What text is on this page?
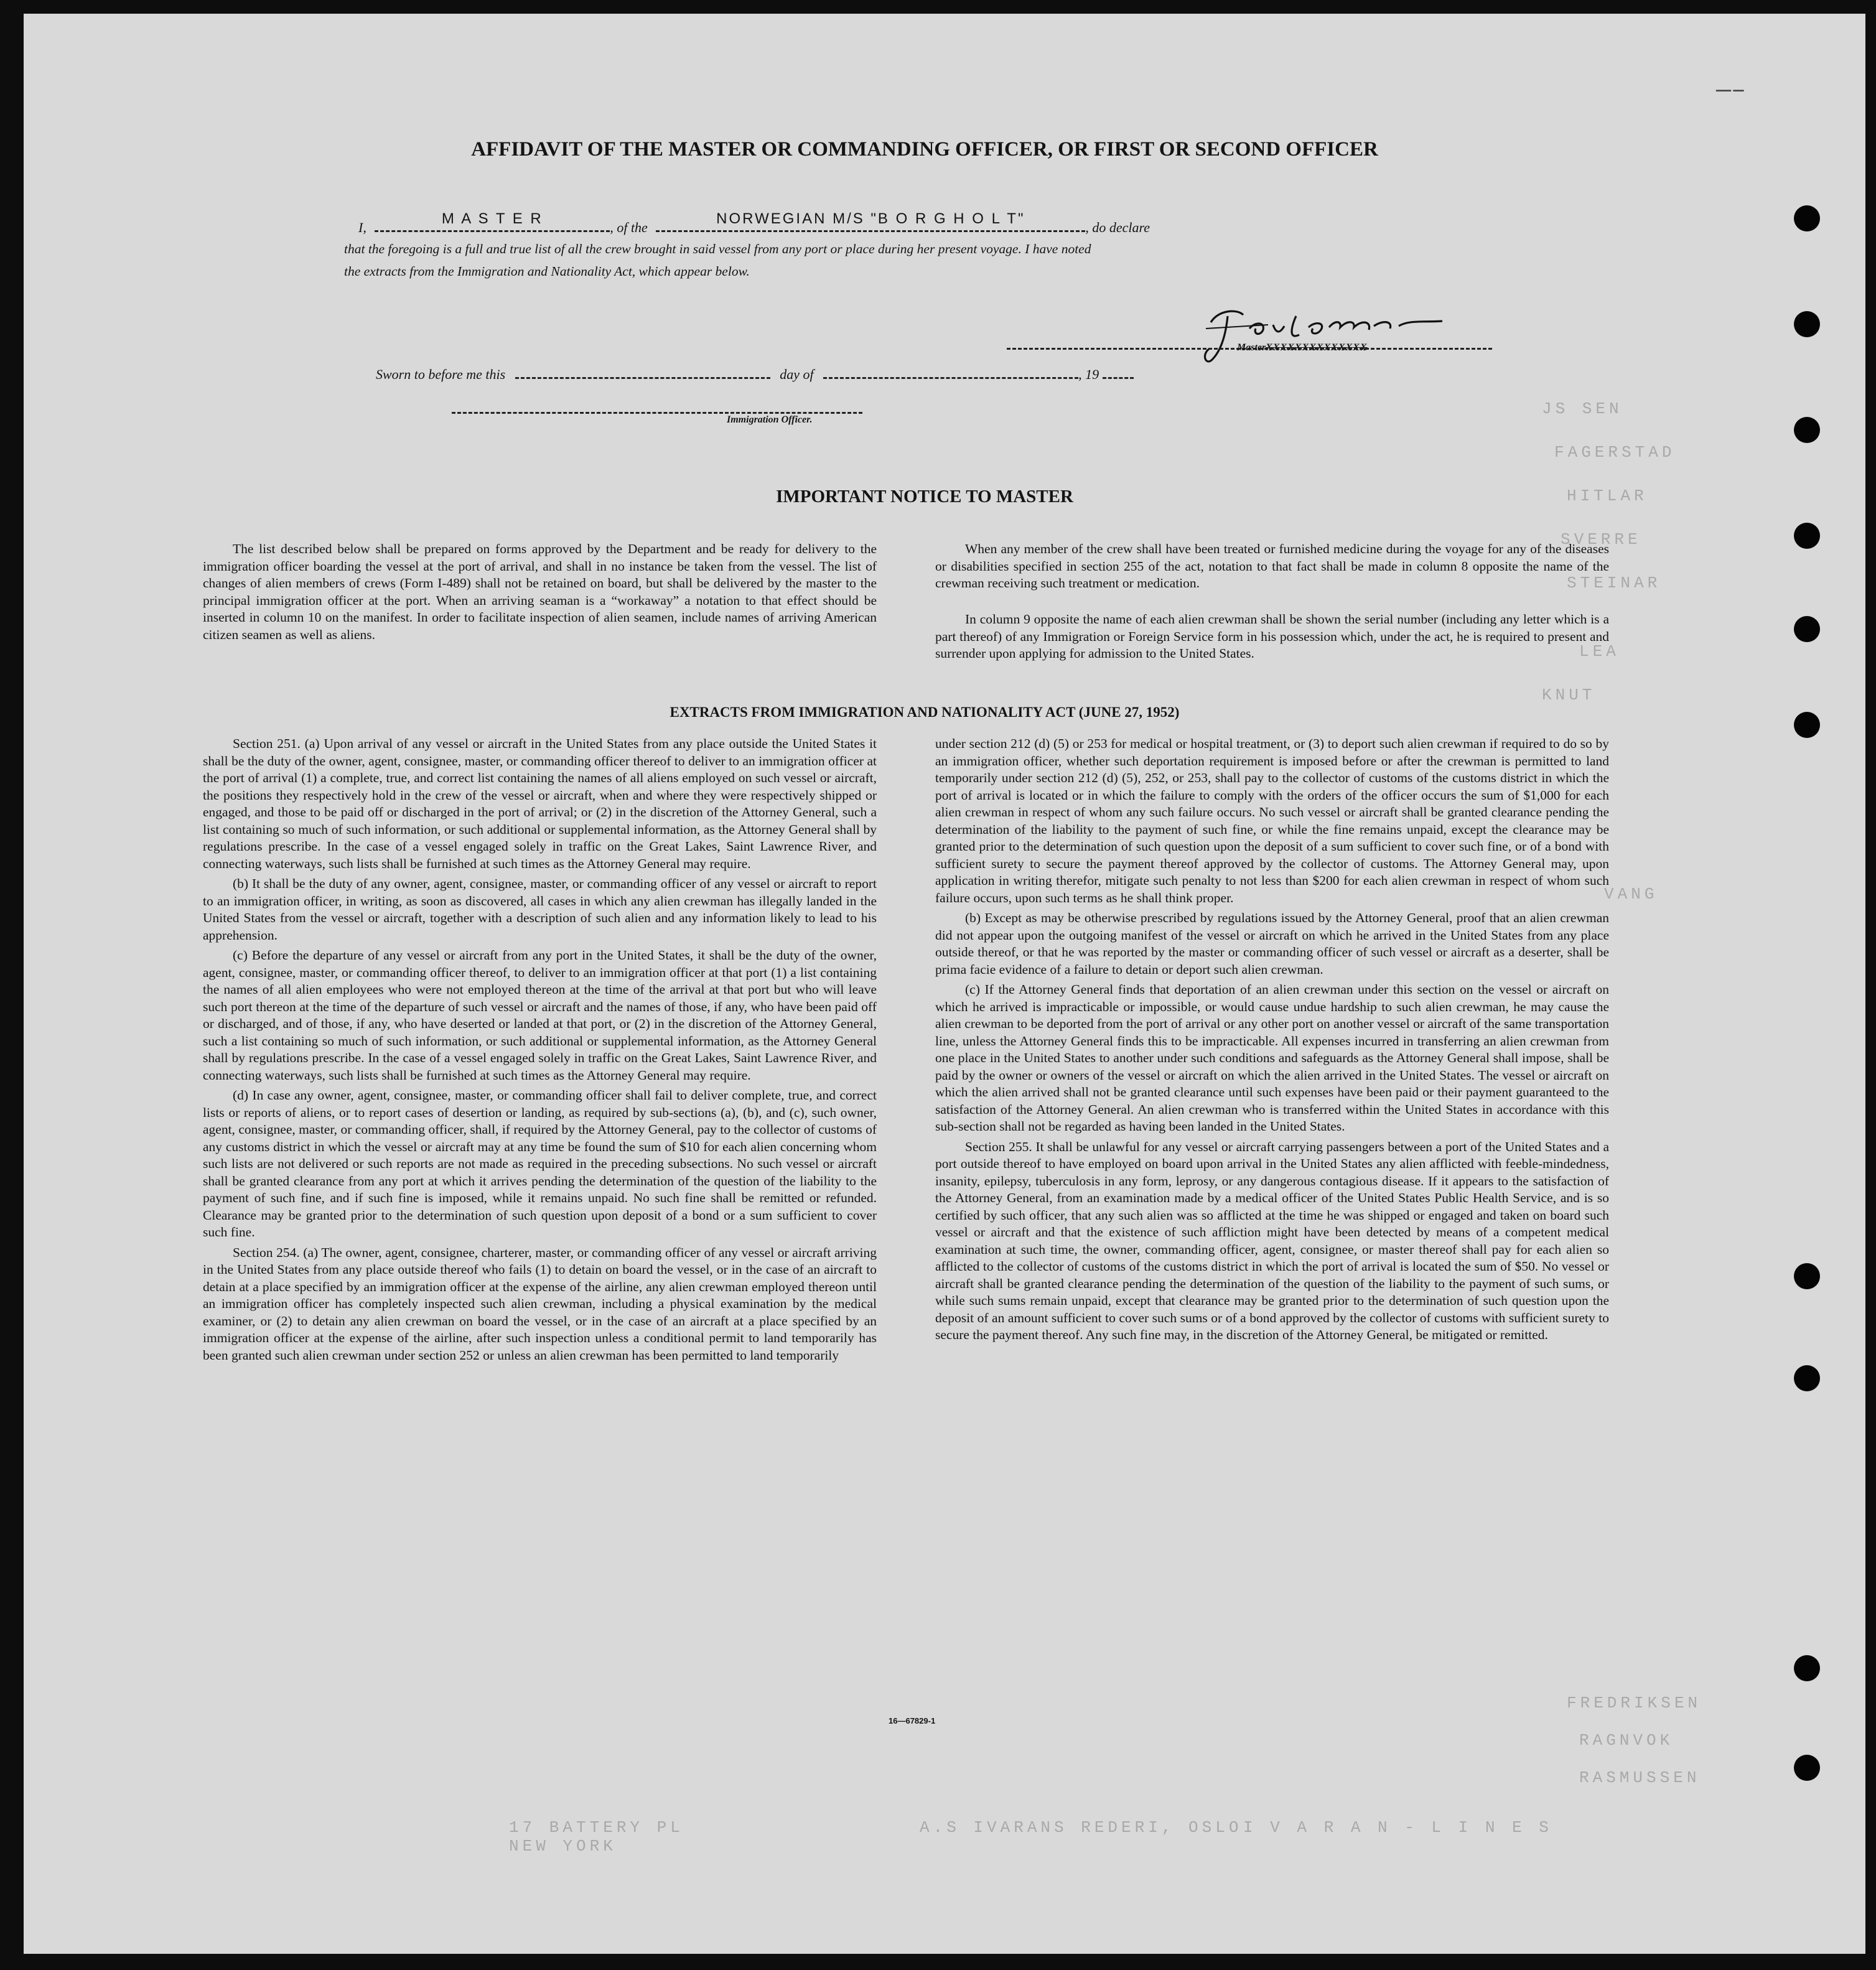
—–
JS SEN
FAGERSTAD
HITLAR
SVERRE
STEINAR
LEA
KNUT
VANG
FREDRIKSEN
RAGNVOK
RASMUSSEN
A.S IVARANS REDERI, OSLO I V A R A N - L I N E S
17 BATTERY PL
NEW YORK
AFFIDAVIT OF THE MASTER OR COMMANDING OFFICER, OR FIRST OR SECOND OFFICER
I,
M A S T E R
, of the
NORWEGIAN M/S "B O R G H O L T"
, do declare
that the foregoing is a full and true list of all the crew brought in said vessel from any port or place during her present voyage. I have noted
the extracts from the Immigration and Nationality Act, which appear below.
MasterXXXXXXXXXXXXXX
Sworn to before me this	day of	, 19
Immigration Officer.
IMPORTANT NOTICE TO MASTER

The list described below shall be prepared on forms approved by the Department and be ready for delivery to the immigration officer boarding the vessel at the port of arrival, and shall in no instance be taken from the vessel. The list of changes of alien members of crews (Form I-489) shall not be retained on board, but shall be delivered by the master to the principal immigration officer at the port. When an arriving seaman is a “workaway” a notation to that effect should be inserted in column 10 on the manifest. In order to facilitate inspection of alien seamen, include names of arriving American citizen seamen as well as aliens.

When any member of the crew shall have been treated or furnished medicine during the voyage for any of the diseases or disabilities specified in section 255 of the act, notation to that fact shall be made in column 8 opposite the name of the crewman receiving such treatment or medication.

In column 9 opposite the name of each alien crewman shall be shown the serial number (including any letter which is a part thereof) of any Immigration or Foreign Service form in his possession which, under the act, he is required to present and surrender upon applying for admission to the United States.

EXTRACTS FROM IMMIGRATION AND NATIONALITY ACT (JUNE 27, 1952)

Section 251. (a) Upon arrival of any vessel or aircraft in the United States from any place outside the United States it shall be the duty of the owner, agent, consignee, master, or commanding officer thereof to deliver to an immigration officer at the port of arrival (1) a complete, true, and correct list containing the names of all aliens employed on such vessel or aircraft, the positions they respectively hold in the crew of the vessel or aircraft, when and where they were respectively shipped or engaged, and those to be paid off or discharged in the port of arrival; or (2) in the discretion of the Attorney General, such a list containing so much of such information, or such additional or supplemental information, as the Attorney General shall by regulations prescribe. In the case of a vessel engaged solely in traffic on the Great Lakes, Saint Lawrence River, and connecting waterways, such lists shall be furnished at such times as the Attorney General may require.

(b) It shall be the duty of any owner, agent, consignee, master, or commanding officer of any vessel or aircraft to report to an immigration officer, in writing, as soon as discovered, all cases in which any alien crewman has illegally landed in the United States from the vessel or aircraft, together with a description of such alien and any information likely to lead to his apprehension.

(c) Before the departure of any vessel or aircraft from any port in the United States, it shall be the duty of the owner, agent, consignee, master, or commanding officer thereof, to deliver to an immigration officer at that port (1) a list containing the names of all alien employees who were not employed thereon at the time of the arrival at that port but who will leave such port thereon at the time of the departure of such vessel or aircraft and the names of those, if any, who have been paid off or discharged, and of those, if any, who have deserted or landed at that port, or (2) in the discretion of the Attorney General, such a list containing so much of such information, or such additional or supplemental information, as the Attorney General shall by regulations prescribe. In the case of a vessel engaged solely in traffic on the Great Lakes, Saint Lawrence River, and connecting waterways, such lists shall be furnished at such times as the Attorney General may require.

(d) In case any owner, agent, consignee, master, or commanding officer shall fail to deliver complete, true, and correct lists or reports of aliens, or to report cases of desertion or landing, as required by sub-sections (a), (b), and (c), such owner, agent, consignee, master, or commanding officer, shall, if required by the Attorney General, pay to the collector of customs of any customs district in which the vessel or aircraft may at any time be found the sum of $10 for each alien concerning whom such lists are not delivered or such reports are not made as required in the preceding subsections. No such vessel or aircraft shall be granted clearance from any port at which it arrives pending the determination of the question of the liability to the payment of such fine, and if such fine is imposed, while it remains unpaid. No such fine shall be remitted or refunded. Clearance may be granted prior to the determination of such question upon deposit of a bond or a sum sufficient to cover such fine.

Section 254. (a) The owner, agent, consignee, charterer, master, or commanding officer of any vessel or aircraft arriving in the United States from any place outside thereof who fails (1) to detain on board the vessel, or in the case of an aircraft to detain at a place specified by an immigration officer at the expense of the airline, any alien crewman employed thereon until an immigration officer has completely inspected such alien crewman, including a physical examination by the medical examiner, or (2) to detain any alien crewman on board the vessel, or in the case of an aircraft at a place specified by an immigration officer at the expense of the airline, after such inspection unless a conditional permit to land temporarily has been granted such alien crewman under section 252 or unless an alien crewman has been permitted to land temporarily

under section 212 (d) (5) or 253 for medical or hospital treatment, or (3) to deport such alien crewman if required to do so by an immigration officer, whether such deportation requirement is imposed before or after the crewman is permitted to land temporarily under section 212 (d) (5), 252, or 253, shall pay to the collector of customs of the customs district in which the port of arrival is located or in which the failure to comply with the orders of the officer occurs the sum of $1,000 for each alien crewman in respect of whom any such failure occurs. No such vessel or aircraft shall be granted clearance pending the determination of the liability to the payment of such fine, or while the fine remains unpaid, except the clearance may be granted prior to the determination of such question upon the deposit of a sum sufficient to cover such fine, or of a bond with sufficient surety to secure the payment thereof approved by the collector of customs. The Attorney General may, upon application in writing therefor, mitigate such penalty to not less than $200 for each alien crewman in respect of whom such failure occurs, upon such terms as he shall think proper.

(b) Except as may be otherwise prescribed by regulations issued by the Attorney General, proof that an alien crewman did not appear upon the outgoing manifest of the vessel or aircraft on which he arrived in the United States from any place outside thereof, or that he was reported by the master or commanding officer of such vessel or aircraft as a deserter, shall be prima facie evidence of a failure to detain or deport such alien crewman.

(c) If the Attorney General finds that deportation of an alien crewman under this section on the vessel or aircraft on which he arrived is impracticable or impossible, or would cause undue hardship to such alien crewman, he may cause the alien crewman to be deported from the port of arrival or any other port on another vessel or aircraft of the same transportation line, unless the Attorney General finds this to be impracticable. All expenses incurred in transferring an alien crewman from one place in the United States to another under such conditions and safeguards as the Attorney General shall impose, shall be paid by the owner or owners of the vessel or aircraft on which the alien arrived in the United States. The vessel or aircraft on which the alien arrived shall not be granted clearance until such expenses have been paid or their payment guaranteed to the satisfaction of the Attorney General. An alien crewman who is transferred within the United States in accordance with this sub-section shall not be regarded as having been landed in the United States.

Section 255. It shall be unlawful for any vessel or aircraft carrying passengers between a port of the United States and a port outside thereof to have employed on board upon arrival in the United States any alien afflicted with feeble-mindedness, insanity, epilepsy, tuberculosis in any form, leprosy, or any dangerous contagious disease. If it appears to the satisfaction of the Attorney General, from an examination made by a medical officer of the United States Public Health Service, and is so certified by such officer, that any such alien was so afflicted at the time he was shipped or engaged and taken on board such vessel or aircraft and that the existence of such affliction might have been detected by means of a competent medical examination at such time, the owner, commanding officer, agent, consignee, or master thereof shall pay for each alien so afflicted to the collector of customs of the customs district in which the port of arrival is located the sum of $50. No vessel or aircraft shall be granted clearance pending the determination of the question of the liability to the payment of such sums, or while such sums remain unpaid, except that clearance may be granted prior to the determination of such question upon the deposit of an amount sufficient to cover such sums or of a bond approved by the collector of customs with sufficient surety to secure the payment thereof. Any such fine may, in the discretion of the Attorney General, be mitigated or remitted.

16—67829-1
